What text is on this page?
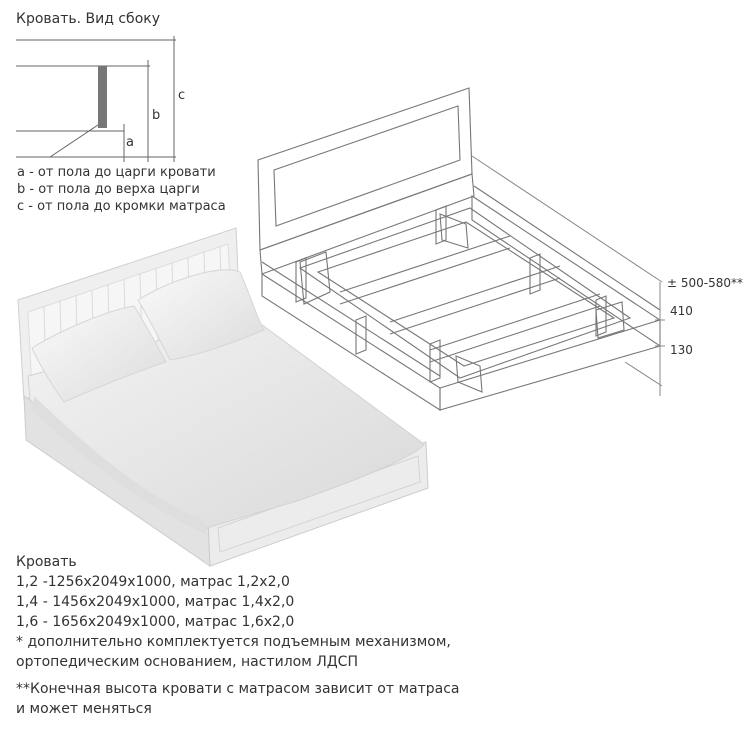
Кровать. Вид сбоку
a
b
c
a - от пола до царги кровати
b - от пола до верха царги
c - от пола до кромки матраса
± 500-580**
410
130
Кровать
1,2 -1256х2049х1000, матрас 1,2х2,0
1,4 - 1456х2049х1000, матрас 1,4х2,0
1,6 - 1656х2049х1000, матрас 1,6х2,0
* дополнительно комплектуется подъемным механизмом,
ортопедическим основанием, настилом ЛДСП
**Конечная высота кровати с матрасом зависит от матраса
и может меняться
